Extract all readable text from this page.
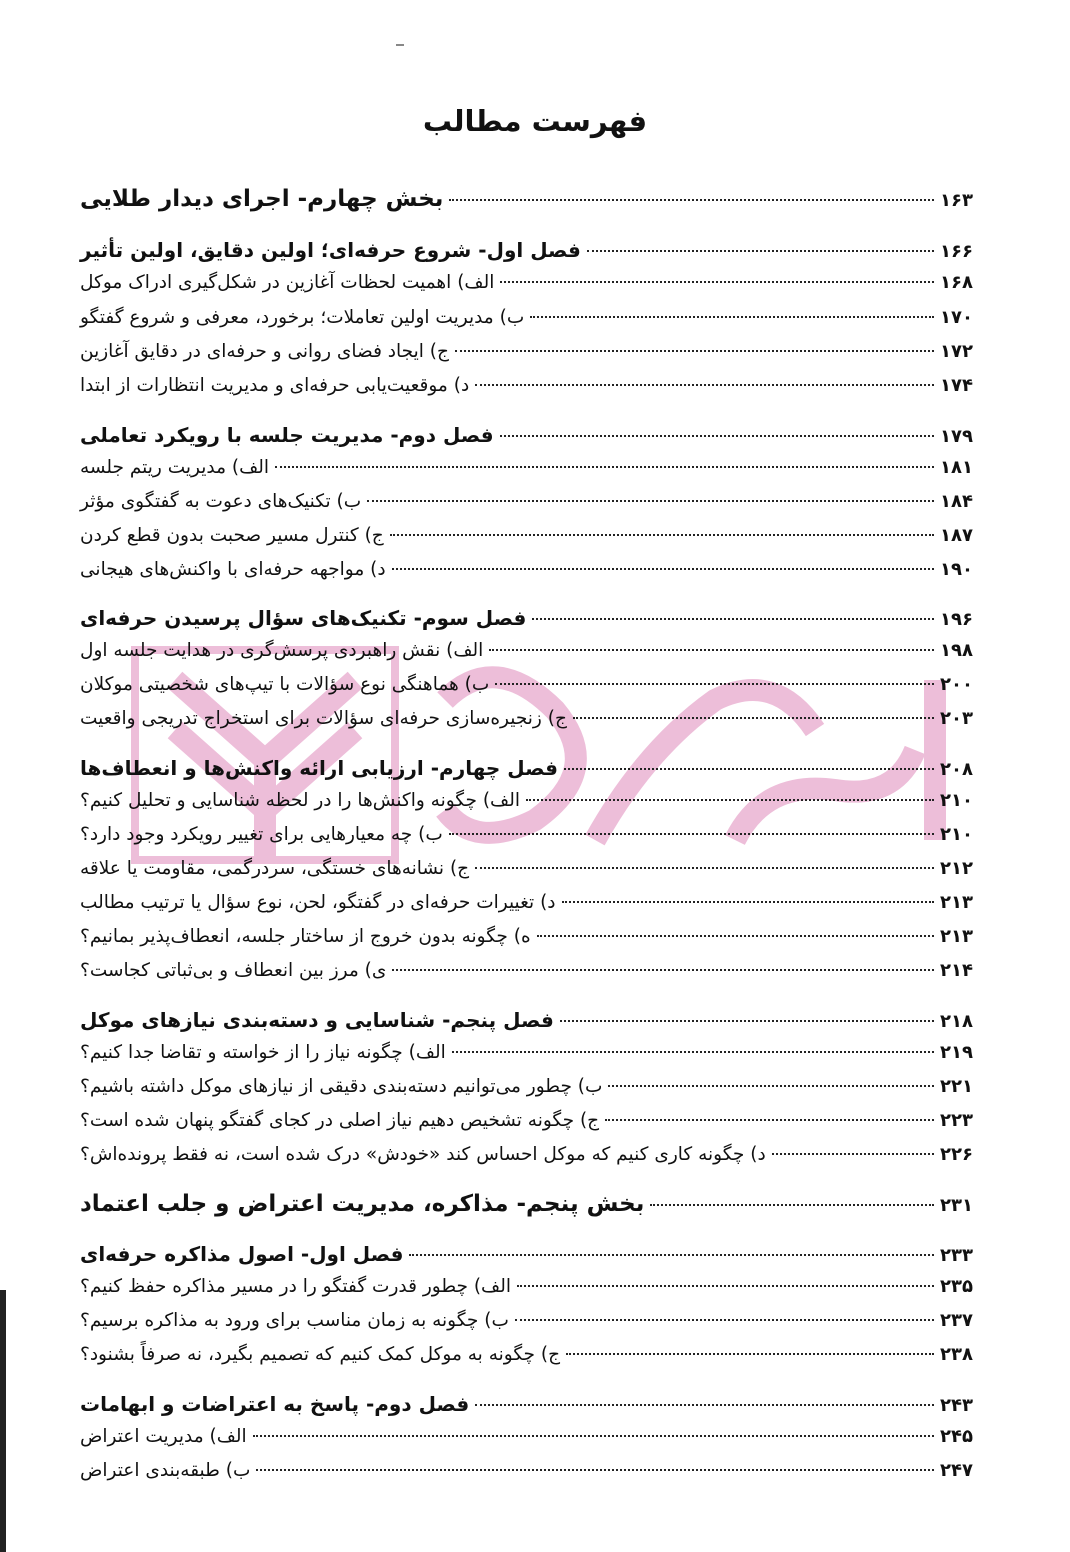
فهرست مطالب
بخش چهارم- اجرای دیدار طلایی	۱۶۳
فصل اول- شروع حرفه‌ای؛ اولین دقایق، اولین تأثیر	۱۶۶
الف) اهمیت لحظات آغازین در شکل‌گیری ادراک موکل	۱۶۸
ب) مدیریت اولین تعاملات؛ برخورد، معرفی و شروع گفتگو	۱۷۰
ج) ایجاد فضای روانی و حرفه‌ای در دقایق آغازین	۱۷۲
د) موقعیت‌یابی حرفه‌ای و مدیریت انتظارات از ابتدا	۱۷۴
فصل دوم- مدیریت جلسه با رویکرد تعاملی	۱۷۹
الف) مدیریت ریتم جلسه	۱۸۱
ب) تکنیک‌های دعوت به گفتگوی مؤثر	۱۸۴
ج) کنترل مسیر صحبت بدون قطع کردن	۱۸۷
د) مواجهه حرفه‌ای با واکنش‌های هیجانی	۱۹۰
فصل سوم- تکنیک‌های سؤال پرسیدن حرفه‌ای	۱۹۶
الف) نقش راهبردی پرسش‌گری در هدایت جلسه اول	۱۹۸
ب) هماهنگی نوع سؤالات با تیپ‌های شخصیتی موکلان	۲۰۰
ج) زنجیره‌سازی حرفه‌ای سؤالات برای استخراج تدریجی واقعیت	۲۰۳
فصل چهارم- ارزیابی ارائه واکنش‌ها و انعطاف‌ها	۲۰۸
الف) چگونه واکنش‌ها را در لحظه شناسایی و تحلیل کنیم؟	۲۱۰
ب) چه معیارهایی برای تغییر رویکرد وجود دارد؟	۲۱۰
ج) نشانه‌های خستگی، سردرگمی، مقاومت یا علاقه	۲۱۲
د) تغییرات حرفه‌ای در گفتگو، لحن، نوع سؤال یا ترتیب مطالب	۲۱۳
ه) چگونه بدون خروج از ساختار جلسه، انعطاف‌پذیر بمانیم؟	۲۱۳
ی) مرز بین انعطاف و بی‌ثباتی کجاست؟	۲۱۴
فصل پنجم- شناسایی و دسته‌بندی نیازهای موکل	۲۱۸
الف) چگونه نیاز را از خواسته و تقاضا جدا کنیم؟	۲۱۹
ب) چطور می‌توانیم دسته‌بندی دقیقی از نیازهای موکل داشته باشیم؟	۲۲۱
ج) چگونه تشخیص دهیم نیاز اصلی در کجای گفتگو پنهان شده است؟	۲۲۳
د) چگونه کاری کنیم که موکل احساس کند «خودش» درک شده است، نه فقط پرونده‌اش؟	۲۲۶
بخش پنجم- مذاکره، مدیریت اعتراض و جلب اعتماد	۲۳۱
فصل اول- اصول مذاکره حرفه‌ای	۲۳۳
الف) چطور قدرت گفتگو را در مسیر مذاکره حفظ کنیم؟	۲۳۵
ب) چگونه به زمان مناسب برای ورود به مذاکره برسیم؟	۲۳۷
ج) چگونه به موکل کمک کنیم که تصمیم بگیرد، نه صرفاً بشنود؟	۲۳۸
فصل دوم- پاسخ به اعتراضات و ابهامات	۲۴۳
الف) مدیریت اعتراض	۲۴۵
ب) طبقه‌بندی اعتراض	۲۴۷
